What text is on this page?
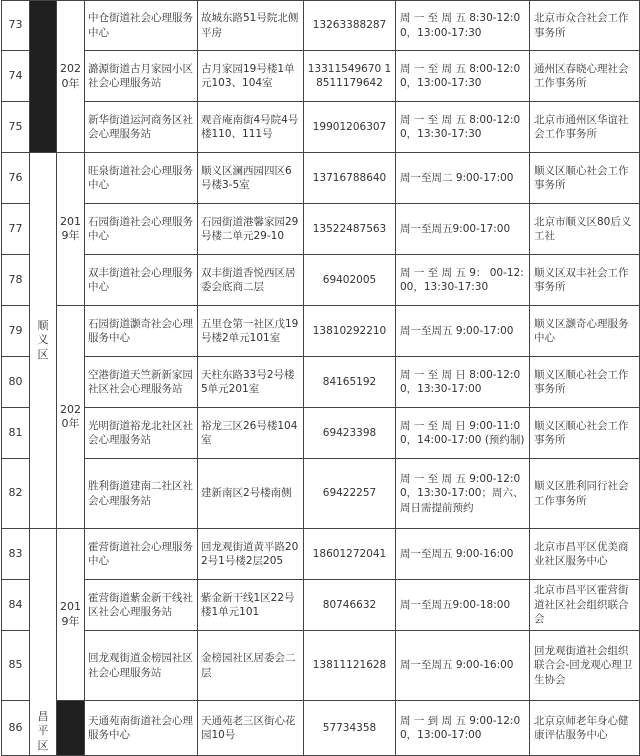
73		2020年	中仓街道社会心理服务中心	故城东路51号院北侧平房	13263388287	周 一 至 周 五 8:30-12:00，13:00-17:30	北京市众合社会工作事务所
74			潞源街道古月家园小区社会心理服务站	古月家园19号楼1单元103、104室	13311549670 18511179642	周 一 至 周 五 8:00-12:00，13:00-17:30	通州区春晓心理社会工作事务所
75			新华街道运河商务区社会心理服务站	观音庵南街4号院4号楼110、111号	19901206307	周 一 至 周 五 8:00-12:00，13:30-17:30	北京市通州区华谊社会工作事务所
76	顺义区	2019年	旺泉街道社会心理服务中心	顺义区澜西园四区6号楼3-5室	13716788640	周一至周二 9:00-17:00	顺义区顺心社会工作事务所
77			石园街道社会心理服务中心	石园街道港馨家园29号楼二单元29-10	13522487563	周一至周五9:00-17:00	北京市顺义区80后义工社
78			双丰街道社会心理服务中心	双丰街道香悦西区居委会底商二层	69402005	周 一 至 周 五 9： 00-12:00，13:30-17:30	顺义区双丰社会工作事务所
79		2020年	石园街道灏奇社会心理服务中心	五里仓第一社区戊19号楼2单元101室	13810292210	周一至周五 9:00-17:00	顺义区灏奇心理服务中心
80			空港街道天竺新新家园社区社会心理服务站	天柱东路33号2号楼5单元201室	84165192	周 一 至 周 日 8:00-12:00，13:30-17:00	顺义区顺心社会工作事务所
81			光明街道裕龙北社区社会心理服务站	裕龙三区26号楼104室	69423398	周 一 至 周 日 9:00-11:00，14:00-17:00 (预约制)	顺义区顺心社会工作事务所
82			胜利街道建南二社区社会心理服务站	建新南区2号楼南侧	69422257	周 一 至 周 五 9:00-12:00，13:30-17:00；周六、周日需提前预约	顺义区胜利同行社会工作事务所
83	昌平区	2019年	霍营街道社会心理服务中心	回龙观街道黄平路202号1号楼2层205	18601272041	周一至周五 9:00-16:00	北京市昌平区优美商业社区服务中心
84			霍营街道紫金新干线社区社会心理服务站	紫金新干线1区22号楼1单元101	80746632	周一至周五9:00-18:00	北京市昌平区霍营街道社区社会组织联合会
85			回龙观街道金榜园社区社会心理服务站	金榜园社区居委会二层	13811121628	周一至周五 9:00-16:00	回龙观街道社会组织联合会-回龙观心理卫生协会
86			天通苑南街道社会心理服务中心	天通苑老三区街心花园10号	57734358	周 一 到 周 五 9:00-12:00，13:00-17:00	北京京师老年身心健康评估服务中心
